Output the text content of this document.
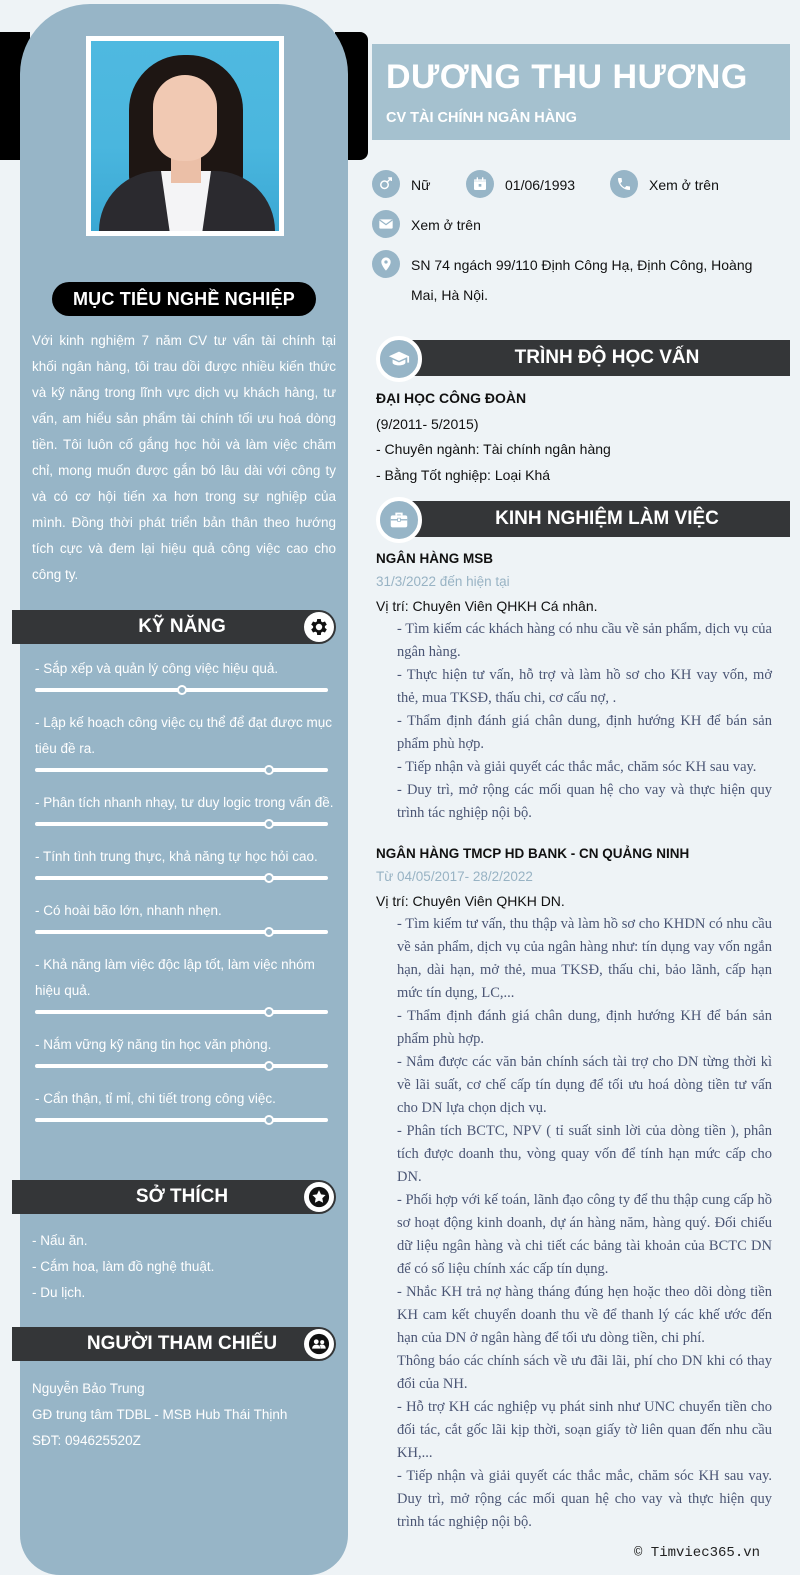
MỤC TIÊU NGHỀ NGHIỆP
Với kinh nghiệm 7 năm CV tư vấn tài chính tại khối ngân hàng, tôi trau dồi được nhiều kiến thức và kỹ năng trong lĩnh vực dịch vụ khách hàng, tư vấn, am hiểu sản phẩm tài chính tối ưu hoá dòng tiền. Tôi luôn cố gắng học hỏi và làm việc chăm chỉ, mong muốn được gắn bó lâu dài với công ty và có cơ hội tiến xa hơn trong sự nghiệp của mình. Đồng thời phát triển bản thân theo hướng tích cực và đem lại hiệu quả công việc cao cho công ty.
KỸ NĂNG
- Sắp xếp và quản lý công việc hiệu quả.
- Lập kế hoạch công việc cụ thể để đạt được mục tiêu đề ra.
- Phân tích nhanh nhạy, tư duy logic trong vấn đề.
- Tính tình trung thực, khả năng tự học hỏi cao.
- Có hoài bão lớn, nhanh nhẹn.
- Khả năng làm việc độc lập tốt, làm việc nhóm hiệu quả.
- Nắm vững kỹ năng tin học văn phòng.
- Cẩn thận, tỉ mỉ, chi tiết trong công việc.
SỞ THÍCH
- Nấu ăn.
- Cắm hoa, làm đồ nghệ thuật.
- Du lịch.
NGƯỜI THAM CHIẾU
Nguyễn Bảo Trung
GĐ trung tâm TDBL - MSB Hub Thái Thịnh
SĐT: 094625520Z
DƯƠNG THU HƯƠNG
CV TÀI CHÍNH NGÂN HÀNG
Nữ	01/06/1993	Xem ở trên
Xem ở trên
SN 74 ngách 99/110 Định Công Hạ, Định Công, Hoàng
Mai, Hà Nội.
TRÌNH ĐỘ HỌC VẤN
ĐẠI HỌC CÔNG ĐOÀN
(9/2011- 5/2015)
- Chuyên ngành: Tài chính ngân hàng
- Bằng Tốt nghiệp: Loại Khá
KINH NGHIỆM LÀM VIỆC
NGÂN HÀNG MSB
31/3/2022 đến hiện tại
Vị trí: Chuyên Viên QHKH Cá nhân.
- Tìm kiếm các khách hàng có nhu cầu về sản phẩm, dịch vụ của ngân hàng.
- Thực hiện tư vấn, hỗ trợ và làm hồ sơ cho KH vay vốn, mở thẻ, mua TKSĐ, thấu chi, cơ cấu nợ, .
- Thẩm định đánh giá chân dung, định hướng KH để bán sản phẩm phù hợp.
- Tiếp nhận và giải quyết các thắc mắc, chăm sóc KH sau vay.
- Duy trì, mở rộng các mối quan hệ cho vay và thực hiện quy trình tác nghiệp nội bộ.
NGÂN HÀNG TMCP HD BANK - CN QUẢNG NINH
Từ 04/05/2017- 28/2/2022
Vị trí: Chuyên Viên QHKH DN.
- Tìm kiếm tư vấn, thu thập và làm hồ sơ cho KHDN có nhu cầu về sản phẩm, dịch vụ của ngân hàng như: tín dụng vay vốn ngắn hạn, dài hạn, mở thẻ, mua TKSĐ, thấu chi, bảo lãnh, cấp hạn mức tín dụng, LC,...
- Thẩm định đánh giá chân dung, định hướng KH để bán sản phẩm phù hợp.
- Nắm được các văn bản chính sách tài trợ cho DN từng thời kì về lãi suất, cơ chế cấp tín dụng để tối ưu hoá dòng tiền tư vấn cho DN lựa chọn dịch vụ.
- Phân tích BCTC, NPV ( tỉ suất sinh lời của dòng tiền ), phân tích được doanh thu, vòng quay vốn để tính hạn mức cấp cho DN.
- Phối hợp với kế toán, lãnh đạo công ty để thu thập cung cấp hồ sơ hoạt động kinh doanh, dự án hàng năm, hàng quý. Đối chiếu dữ liệu ngân hàng và chi tiết các bảng tài khoản của BCTC DN để có số liệu chính xác cấp tín dụng.
- Nhắc KH trả nợ hàng tháng đúng hẹn hoặc theo dõi dòng tiền KH cam kết chuyển doanh thu về để thanh lý các khế ước đến hạn của DN ở ngân hàng để tối ưu dòng tiền, chi phí.
Thông báo các chính sách về ưu đãi lãi, phí cho DN khi có thay đổi của NH.
- Hỗ trợ KH các nghiệp vụ phát sinh như UNC chuyển tiền cho đối tác, cắt gốc lãi kịp thời, soạn giấy tờ liên quan đến nhu cầu KH,...
- Tiếp nhận và giải quyết các thắc mắc, chăm sóc KH sau vay. Duy trì, mở rộng các mối quan hệ cho vay và thực hiện quy trình tác nghiệp nội bộ.
© Timviec365.vn
